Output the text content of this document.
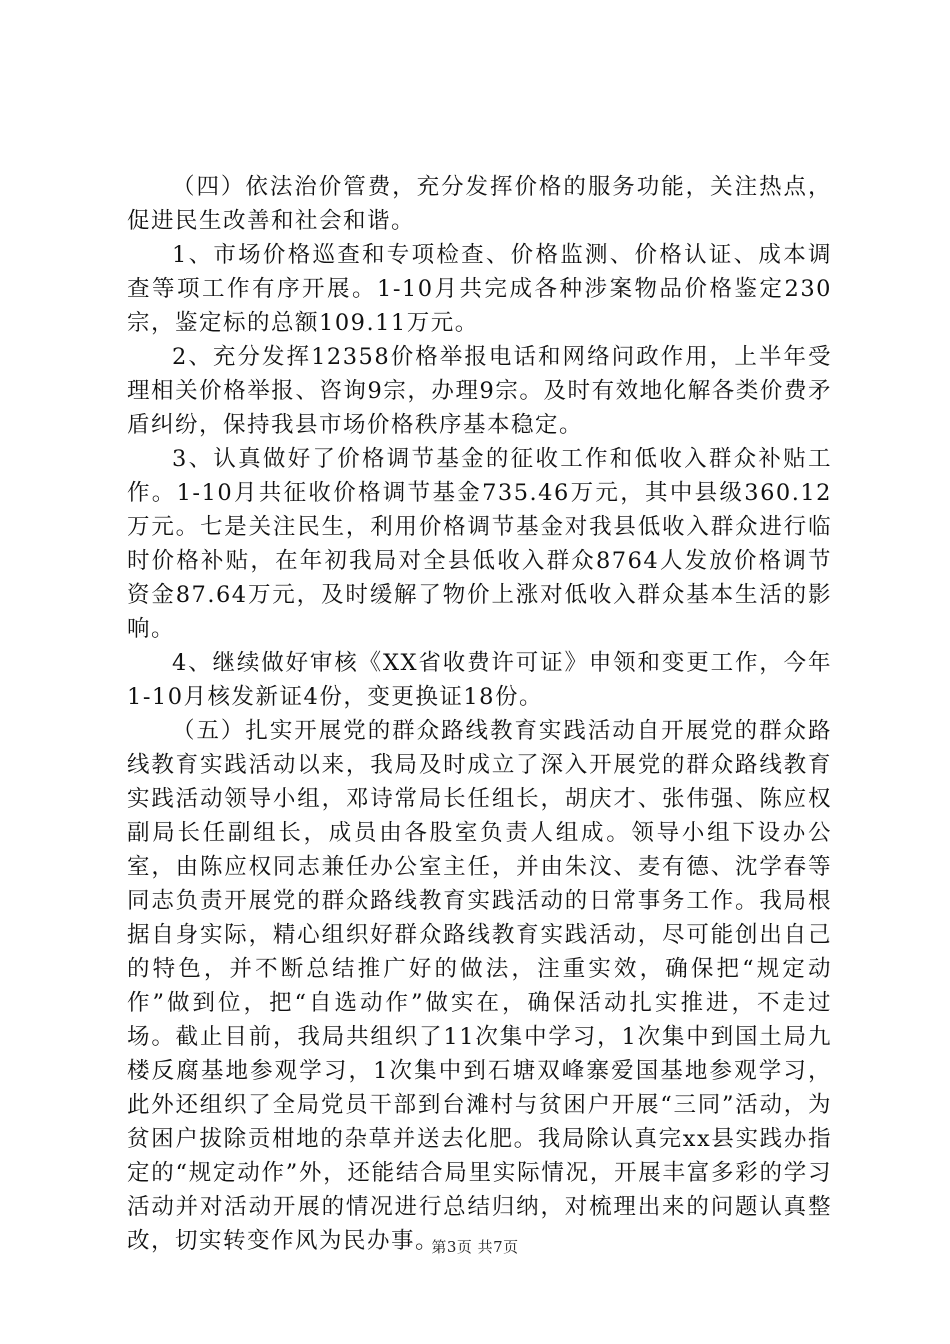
（四）依法治价管费，充分发挥价格的服务功能，关注热点，促进民生改善和社会和谐。

1、市场价格巡查和专项检查、价格监测、价格认证、成本调查等项工作有序开展。1-10月共完成各种涉案物品价格鉴定230宗，鉴定标的总额109.11万元。

2、充分发挥12358价格举报电话和网络问政作用，上半年受理相关价格举报、咨询9宗，办理9宗。及时有效地化解各类价费矛盾纠纷，保持我县市场价格秩序基本稳定。

3、认真做好了价格调节基金的征收工作和低收入群众补贴工作。1-10月共征收价格调节基金735.46万元，其中县级360.12万元。七是关注民生，利用价格调节基金对我县低收入群众进行临时价格补贴，在年初我局对全县低收入群众8764人发放价格调节资金87.64万元，及时缓解了物价上涨对低收入群众基本生活的影响。

4、继续做好审核《XX省收费许可证》申领和变更工作，今年1-10月核发新证4份，变更换证18份。

（五）扎实开展党的群众路线教育实践活动自开展党的群众路线教育实践活动以来，我局及时成立了深入开展党的群众路线教育实践活动领导小组，邓诗常局长任组长，胡庆才、张伟强、陈应权副局长任副组长，成员由各股室负责人组成。领导小组下设办公室，由陈应权同志兼任办公室主任，并由朱汶、麦有德、沈学春等同志负责开展党的群众路线教育实践活动的日常事务工作。我局根据自身实际，精心组织好群众路线教育实践活动，尽可能创出自己的特色，并不断总结推广好的做法，注重实效，确保把“规定动作”做到位，把“自选动作”做实在，确保活动扎实推进，不走过场。截止目前，我局共组织了11次集中学习，1次集中到国土局九楼反腐基地参观学习，1次集中到石塘双峰寨爱国基地参观学习，此外还组织了全局党员干部到台滩村与贫困户开展“三同”活动，为贫困户拔除贡柑地的杂草并送去化肥。我局除认真完xx县实践办指定的“规定动作”外，还能结合局里实际情况，开展丰富多彩的学习活动并对活动开展的情况进行总结归纳，对梳理出来的问题认真整改，切实转变作风为民办事。

第3页 共7页
